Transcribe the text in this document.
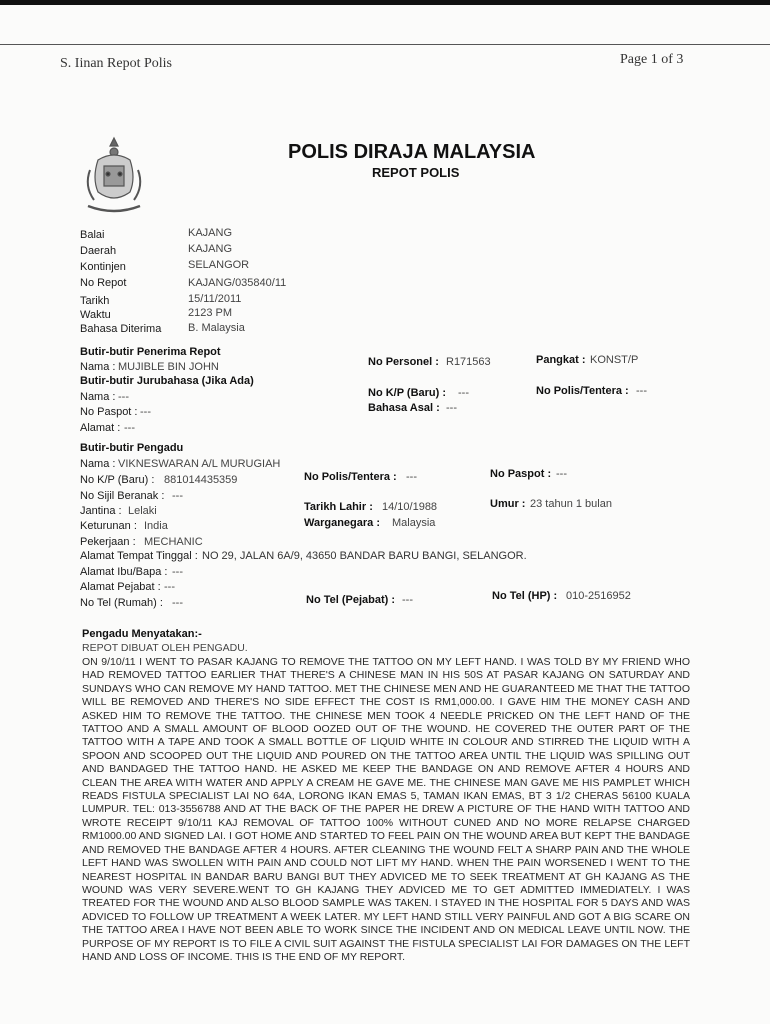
S. Iinan Repot Polis	Page 1 of 3
POLIS DIRAJA MALAYSIA
REPOT POLIS
Balai	KAJANG
Daerah	KAJANG
Kontinjen	SELANGOR
No Repot	KAJANG/035840/11
Tarikh	15/11/2011
Waktu	2123 PM
Bahasa Diterima B. Malaysia
Butir-butir Penerima Repot
Nama : MUJIBLE BIN JOHN	No Personel : R171563	Pangkat : KONST/P
Butir-butir Jurubahasa (Jika Ada)
Nama : ---	No K/P (Baru) : ---	No Polis/Tentera : ---
No Paspot : ---	Bahasa Asal : ---
Alamat : ---
Butir-butir Pengadu
Nama : VIKNESWARAN A/L MURUGIAH
No K/P (Baru) : 881014435359	No Polis/Tentera : ---	No Paspot : ---
No Sijil Beranak : ---
Jantina : Lelaki	Tarikh Lahir : 14/10/1988	Umur : 23 tahun 1 bulan
Keturunan : India	Warganegara : Malaysia
Pekerjaan : MECHANIC
Alamat Tempat Tinggal : NO 29, JALAN 6A/9, 43650 BANDAR BARU BANGI, SELANGOR.
Alamat Ibu/Bapa : ---
Alamat Pejabat : ---
No Tel (Rumah) : ---	No Tel (Pejabat) : ---	No Tel (HP) : 010-2516952
Pengadu Menyatakan:-
REPOT DIBUAT OLEH PENGADU.
ON 9/10/11 I WENT TO PASAR KAJANG TO REMOVE THE TATTOO ON MY LEFT HAND. I WAS TOLD BY MY FRIEND WHO HAD REMOVED TATTOO EARLIER THAT THERE'S A CHINESE MAN IN HIS 50S AT PASAR KAJANG ON SATURDAY AND SUNDAYS WHO CAN REMOVE MY HAND TATTOO. MET THE CHINESE MEN AND HE GUARANTEED ME THAT THE TATTOO WILL BE REMOVED AND THERE'S NO SIDE EFFECT THE COST IS RM1,000.00. I GAVE HIM THE MONEY CASH AND ASKED HIM TO REMOVE THE TATTOO. THE CHINESE MEN TOOK 4 NEEDLE PRICKED ON THE LEFT HAND OF THE TATTOO AND A SMALL AMOUNT OF BLOOD OOZED OUT OF THE WOUND. HE COVERED THE OUTER PART OF THE TATTOO WITH A TAPE AND TOOK A SMALL BOTTLE OF LIQUID WHITE IN COLOUR AND STIRRED THE LIQUID WITH A SPOON AND SCOOPED OUT THE LIQUID AND POURED ON THE TATTOO AREA UNTIL THE LIQUID WAS SPILLING OUT AND BANDAGED THE TATTOO HAND. HE ASKED ME KEEP THE BANDAGE ON AND REMOVE AFTER 4 HOURS AND CLEAN THE AREA WITH WATER AND APPLY A CREAM HE GAVE ME. THE CHINESE MAN GAVE ME HIS PAMPLET WHICH READS FISTULA SPECIALIST LAI NO 64A, LORONG IKAN EMAS 5, TAMAN IKAN EMAS, BT 3 1/2 CHERAS 56100 KUALA LUMPUR. TEL: 013-3556788 AND AT THE BACK OF THE PAPER HE DREW A PICTURE OF THE HAND WITH TATTOO AND WROTE RECEIPT 9/10/11 KAJ REMOVAL OF TATTOO 100% WITHOUT CUNED AND NO MORE RELAPSE CHARGED RM1000.00 AND SIGNED LAI. I GOT HOME AND STARTED TO FEEL PAIN ON THE WOUND AREA BUT KEPT THE BANDAGE AND REMOVED THE BANDAGE AFTER 4 HOURS. AFTER CLEANING THE WOUND FELT A SHARP PAIN AND THE WHOLE LEFT HAND WAS SWOLLEN WITH PAIN AND COULD NOT LIFT MY HAND. WHEN THE PAIN WORSENED I WENT TO THE NEAREST HOSPITAL IN BANDAR BARU BANGI BUT THEY ADVICED ME TO SEEK TREATMENT AT GH KAJANG AS THE WOUND WAS VERY SEVERE.WENT TO GH KAJANG THEY ADVICED ME TO GET ADMITTED IMMEDIATELY. I WAS TREATED FOR THE WOUND AND ALSO BLOOD SAMPLE WAS TAKEN. I STAYED IN THE HOSPITAL FOR 5 DAYS AND WAS ADVICED TO FOLLOW UP TREATMENT A WEEK LATER. MY LEFT HAND STILL VERY PAINFUL AND GOT A BIG SCARE ON THE TATTOO AREA I HAVE NOT BEEN ABLE TO WORK SINCE THE INCIDENT AND ON MEDICAL LEAVE UNTIL NOW. THE PURPOSE OF MY REPORT IS TO FILE A CIVIL SUIT AGAINST THE FISTULA SPECIALIST LAI FOR DAMAGES ON THE LEFT HAND AND LOSS OF INCOME. THIS IS THE END OF MY REPORT.
